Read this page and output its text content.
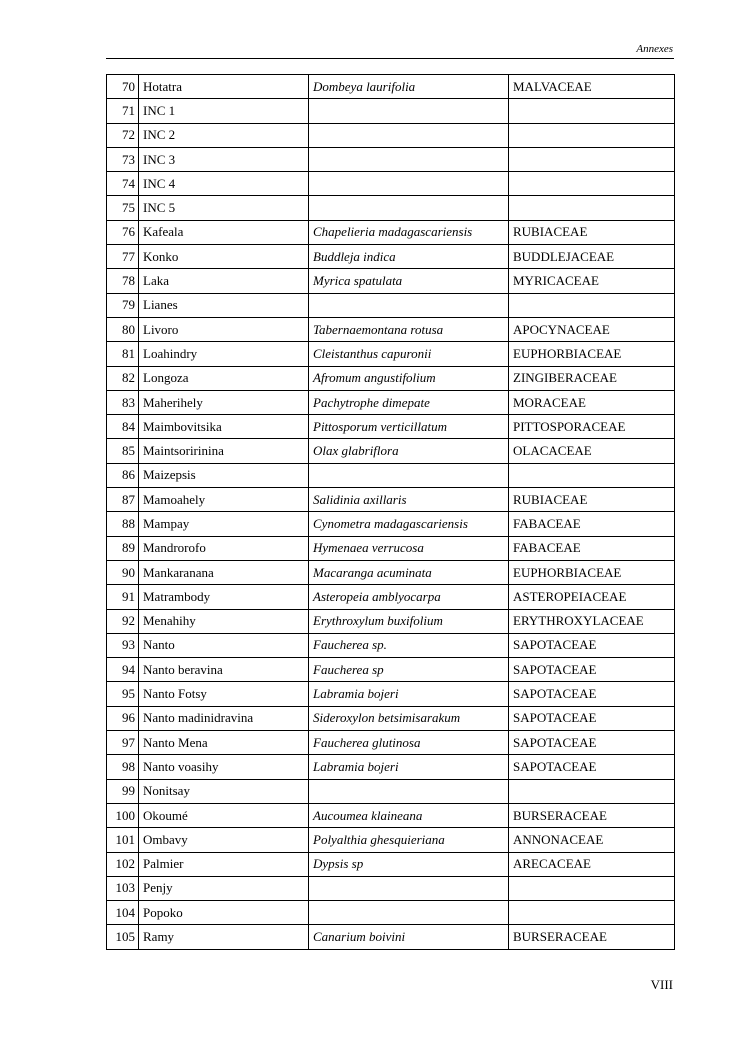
Annexes
70	Hotatra	Dombeya laurifolia	MALVACEAE
71	INC 1		
72	INC 2		
73	INC 3		
74	INC 4		
75	INC 5		
76	Kafeala	Chapelieria madagascariensis	RUBIACEAE
77	Konko	Buddleja indica	BUDDLEJACEAE
78	Laka	Myrica spatulata	MYRICACEAE
79	Lianes		
80	Livoro	Tabernaemontana rotusa	APOCYNACEAE
81	Loahindry	Cleistanthus capuronii	EUPHORBIACEAE
82	Longoza	Afromum angustifolium	ZINGIBERACEAE
83	Maherihely	Pachytrophe dimepate	MORACEAE
84	Maimbovitsika	Pittosporum verticillatum	PITTOSPORACEAE
85	Maintsoririnina	Olax glabriflora	OLACACEAE
86	Maizepsis		
87	Mamoahely	Salidinia axillaris	RUBIACEAE
88	Mampay	Cynometra madagascariensis	FABACEAE
89	Mandrorofo	Hymenaea verrucosa	FABACEAE
90	Mankaranana	Macaranga acuminata	EUPHORBIACEAE
91	Matrambody	Asteropeia amblyocarpa	ASTEROPEIACEAE
92	Menahihy	Erythroxylum buxifolium	ERYTHROXYLACEAE
93	Nanto	Faucherea sp.	SAPOTACEAE
94	Nanto beravina	Faucherea sp	SAPOTACEAE
95	Nanto Fotsy	Labramia bojeri	SAPOTACEAE
96	Nanto madinidravina	Sideroxylon betsimisarakum	SAPOTACEAE
97	Nanto Mena	Faucherea glutinosa	SAPOTACEAE
98	Nanto voasihy	Labramia bojeri	SAPOTACEAE
99	Nonitsay		
100	Okoumé	Aucoumea klaineana	BURSERACEAE
101	Ombavy	Polyalthia ghesquieriana	ANNONACEAE
102	Palmier	Dypsis sp	ARECACEAE
103	Penjy		
104	Popoko		
105	Ramy	Canarium boivini	BURSERACEAE
VIII
